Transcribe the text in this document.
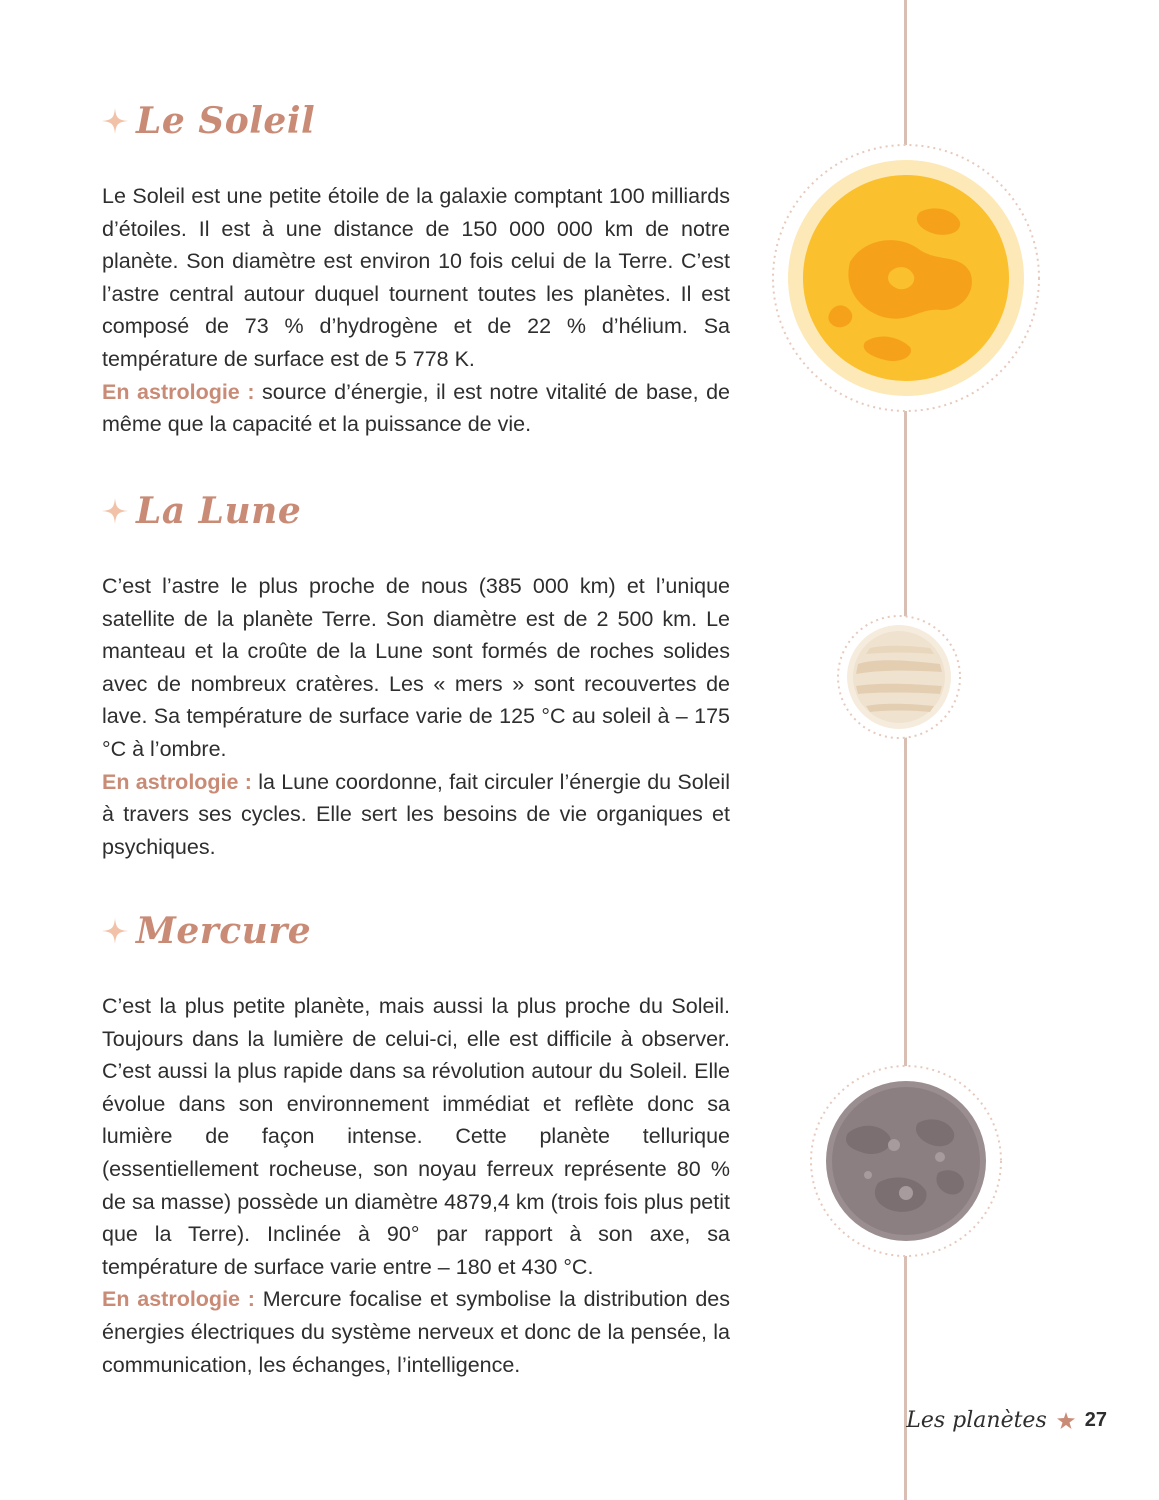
Le Soleil

Le Soleil est une petite étoile de la galaxie comptant 100 milliards d’étoiles. Il est à une distance de 150 000 000 km de notre planète. Son diamètre est environ 10 fois celui de la Terre. C’est l’astre central autour duquel tournent toutes les planètes. Il est composé de 73 % d’hydrogène et de 22 % d’hélium. Sa température de surface est de 5 778 K.

En astrologie : source d’énergie, il est notre vitalité de base, de même que la capacité et la puissance de vie.

La Lune

C’est l’astre le plus proche de nous (385 000 km) et l’unique satellite de la planète Terre. Son diamètre est de 2 500 km. Le manteau et la croûte de la Lune sont formés de roches solides avec de nombreux cratères. Les « mers » sont recouvertes de lave. Sa température de surface varie de 125 °C au soleil à – 175 °C à l’ombre.

En astrologie : la Lune coordonne, fait circuler l’énergie du Soleil à travers ses cycles. Elle sert les besoins de vie organiques et psychiques.

Mercure

C’est la plus petite planète, mais aussi la plus proche du Soleil. Toujours dans la lumière de celui-ci, elle est difficile à observer. C’est aussi la plus rapide dans sa révolution autour du Soleil. Elle évolue dans son environnement immédiat et reflète donc sa lumière de façon intense. Cette planète tellurique (essentiellement rocheuse, son noyau ferreux représente 80 % de sa masse) possède un diamètre 4879,4 km (trois fois plus petit que la Terre). Inclinée à 90° par rapport à son axe, sa température de surface varie entre – 180 et 430 °C.

En astrologie : Mercure focalise et symbolise la distribution des énergies électriques du système nerveux et donc de la pensée, la communication, les échanges, l’intelligence.

Les planètes 27
